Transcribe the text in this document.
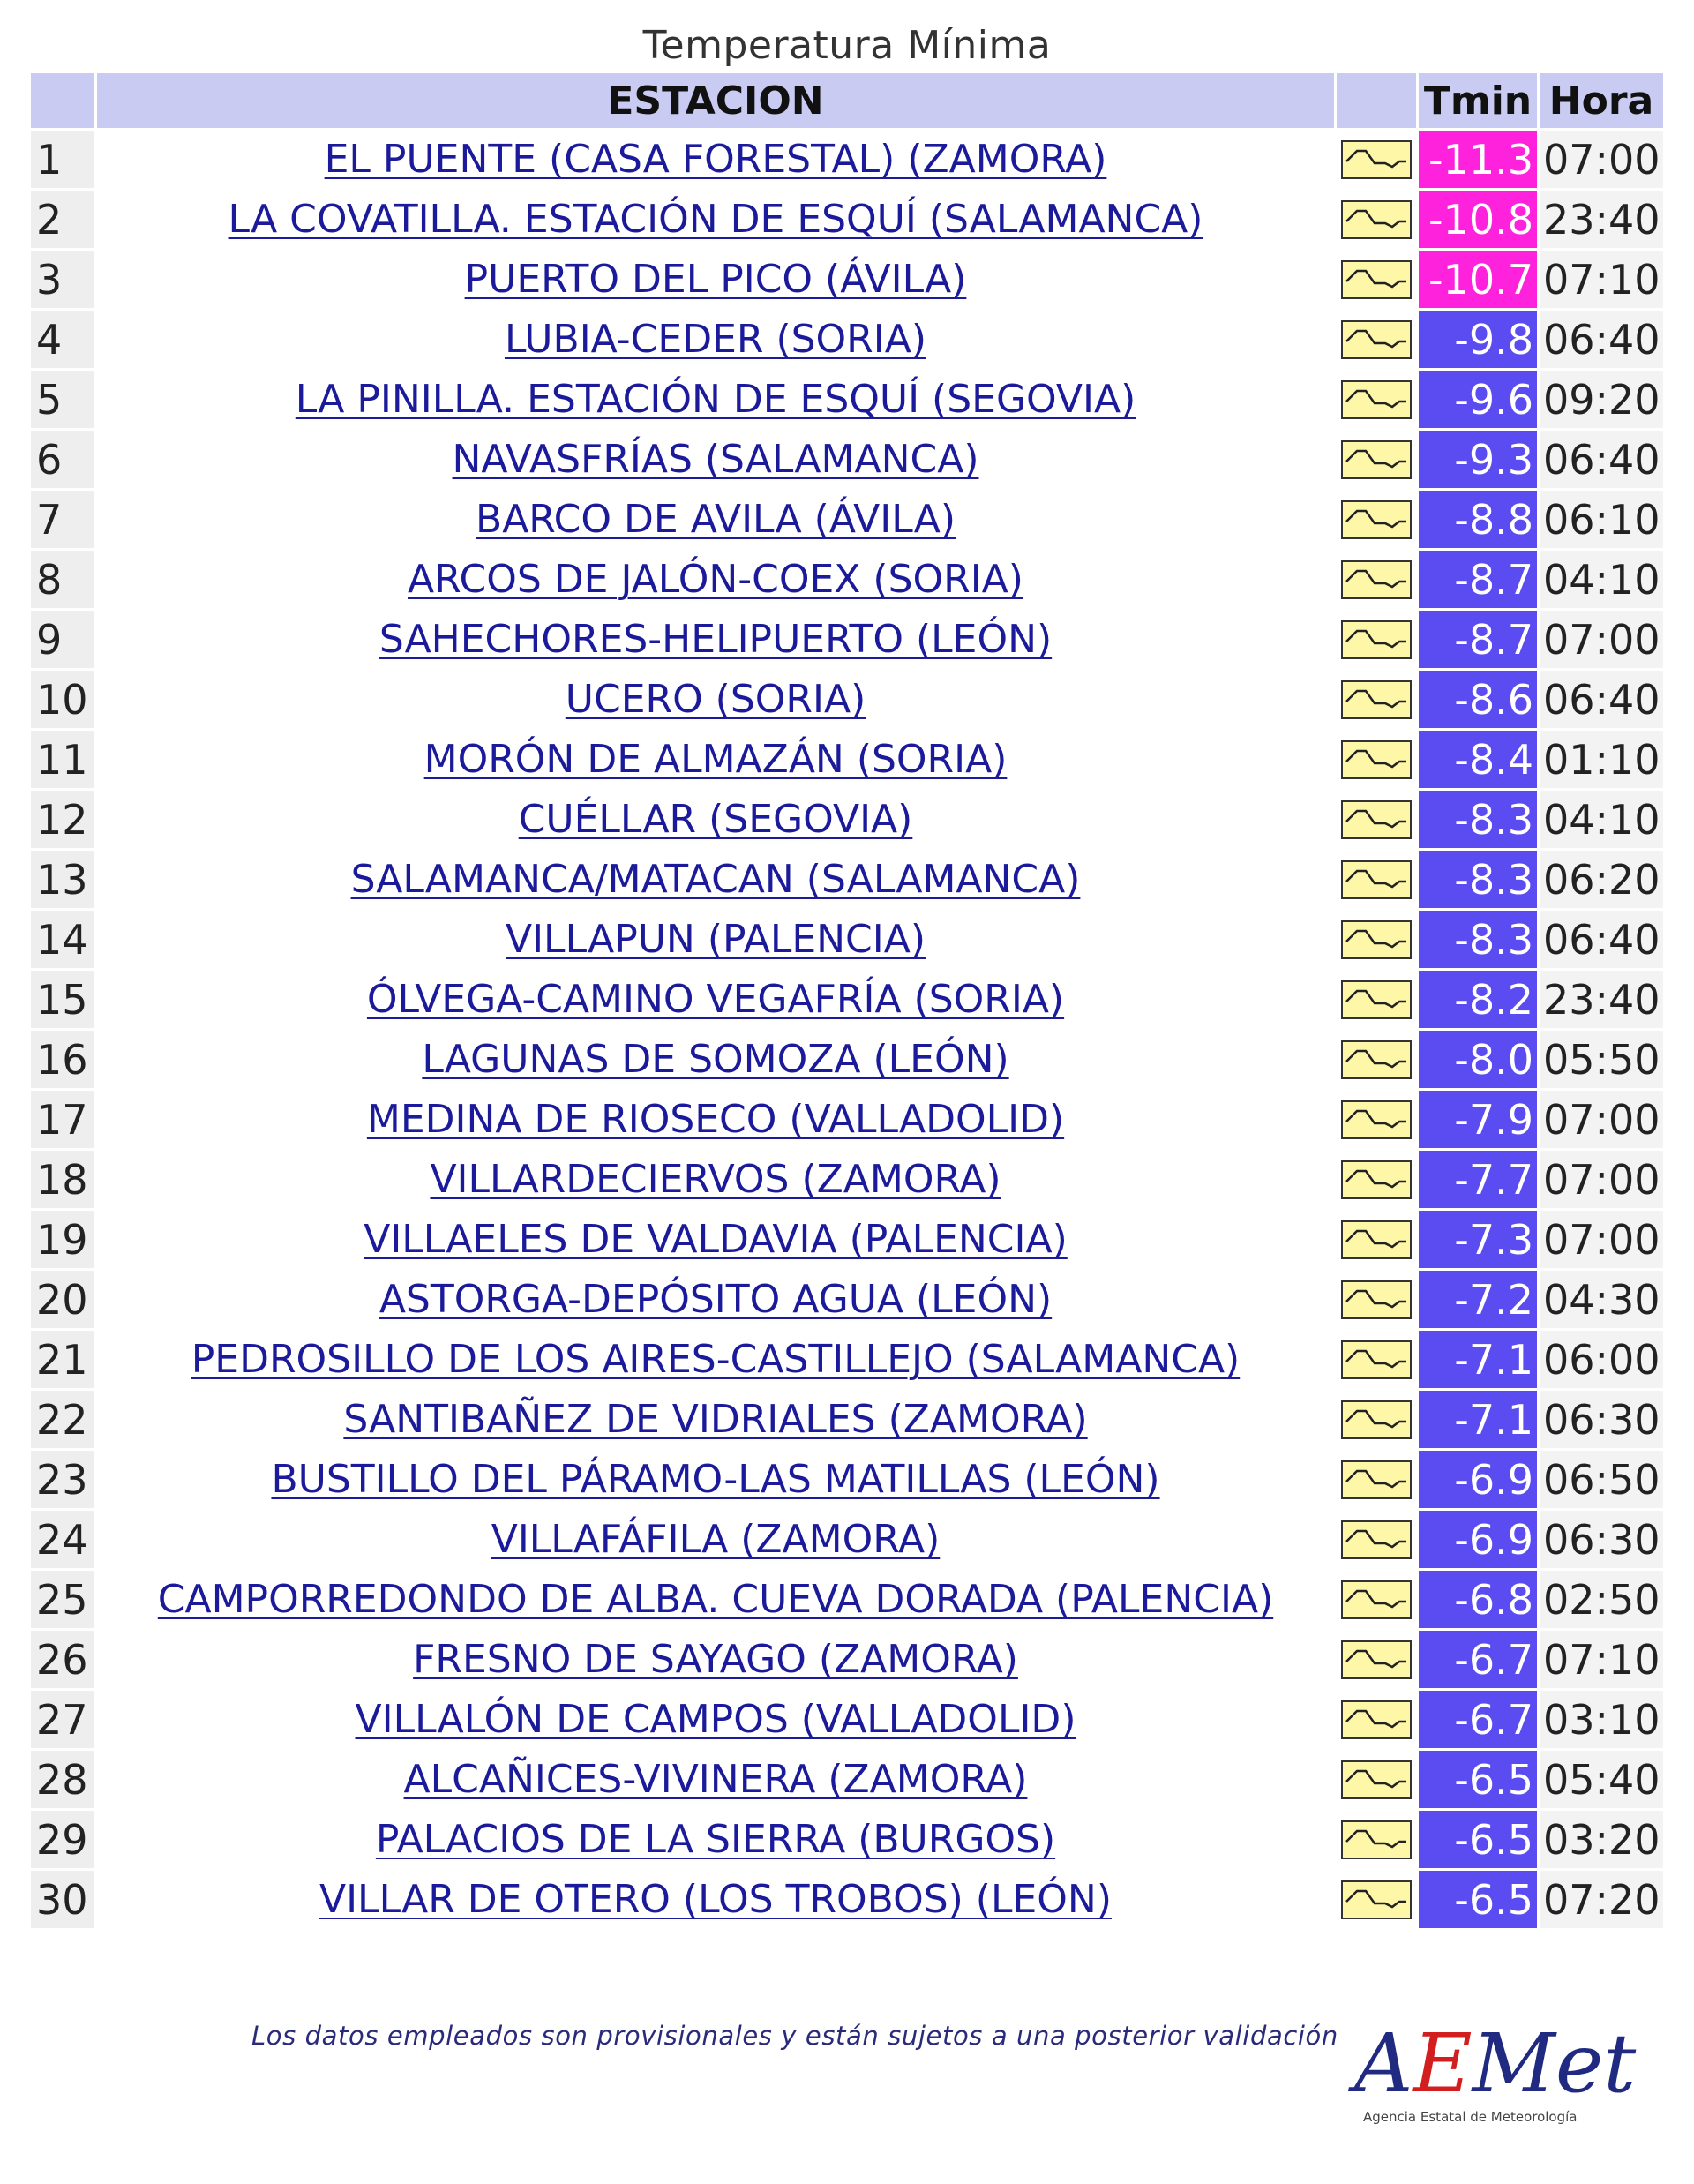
Temperatura Mínima
	ESTACION		Tmin	Hora
1	EL PUENTE (CASA FORESTAL) (ZAMORA)		-11.3	07:00
2	LA COVATILLA. ESTACIÓN DE ESQUÍ (SALAMANCA)		-10.8	23:40
3	PUERTO DEL PICO (ÁVILA)		-10.7	07:10
4	LUBIA-CEDER (SORIA)		-9.8	06:40
5	LA PINILLA. ESTACIÓN DE ESQUÍ (SEGOVIA)		-9.6	09:20
6	NAVASFRÍAS (SALAMANCA)		-9.3	06:40
7	BARCO DE AVILA (ÁVILA)		-8.8	06:10
8	ARCOS DE JALÓN-COEX (SORIA)		-8.7	04:10
9	SAHECHORES-HELIPUERTO (LEÓN)		-8.7	07:00
10	UCERO (SORIA)		-8.6	06:40
11	MORÓN DE ALMAZÁN (SORIA)		-8.4	01:10
12	CUÉLLAR (SEGOVIA)		-8.3	04:10
13	SALAMANCA/MATACAN (SALAMANCA)		-8.3	06:20
14	VILLAPUN (PALENCIA)		-8.3	06:40
15	ÓLVEGA-CAMINO VEGAFRÍA (SORIA)		-8.2	23:40
16	LAGUNAS DE SOMOZA (LEÓN)		-8.0	05:50
17	MEDINA DE RIOSECO (VALLADOLID)		-7.9	07:00
18	VILLARDECIERVOS (ZAMORA)		-7.7	07:00
19	VILLAELES DE VALDAVIA (PALENCIA)		-7.3	07:00
20	ASTORGA-DEPÓSITO AGUA (LEÓN)		-7.2	04:30
21	PEDROSILLO DE LOS AIRES-CASTILLEJO (SALAMANCA)		-7.1	06:00
22	SANTIBAÑEZ DE VIDRIALES (ZAMORA)		-7.1	06:30
23	BUSTILLO DEL PÁRAMO-LAS MATILLAS (LEÓN)		-6.9	06:50
24	VILLAFÁFILA (ZAMORA)		-6.9	06:30
25	CAMPORREDONDO DE ALBA. CUEVA DORADA (PALENCIA)		-6.8	02:50
26	FRESNO DE SAYAGO (ZAMORA)		-6.7	07:10
27	VILLALÓN DE CAMPOS (VALLADOLID)		-6.7	03:10
28	ALCAÑICES-VIVINERA (ZAMORA)		-6.5	05:40
29	PALACIOS DE LA SIERRA (BURGOS)		-6.5	03:20
30	VILLAR DE OTERO (LOS TROBOS) (LEÓN)		-6.5	07:20
Los datos empleados son provisionales y están sujetos a una posterior validación AEMet
Agencia Estatal de Meteorología
